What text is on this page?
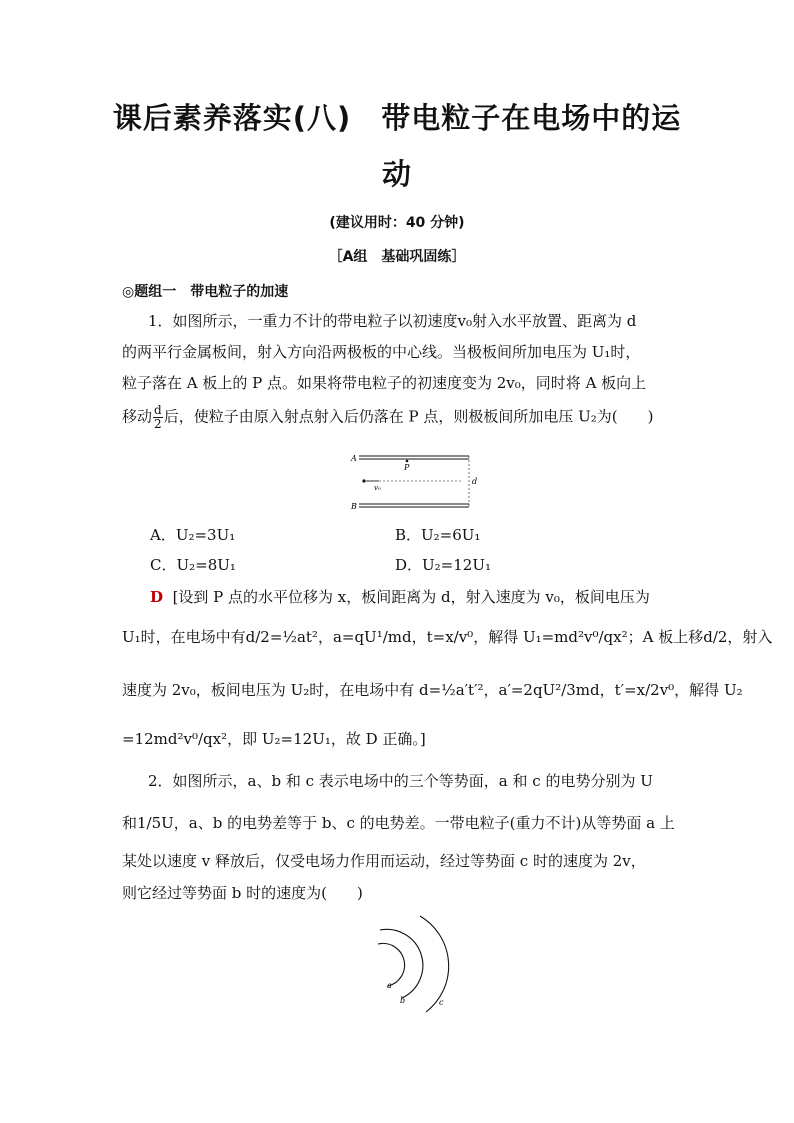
课后素养落实(八)　带电粒子在电场中的运
动
(建议用时：40 分钟)
［A组　基础巩固练］
◎题组一　带电粒子的加速
1．如图所示，一重力不计的带电粒子以初速度v₀射入水平放置、距离为 d
的两平行金属板间，射入方向沿两极板的中心线。当极板间所加电压为 U₁时，
粒子落在 A 板上的 P 点。如果将带电粒子的初速度变为 2v₀，同时将 A 板向上
移动 $\frac{d}{2}$ 后，使粒子由原入射点射入后仍落在 P 点，则极板间所加电压 U₂为(　　)
A
B
P
v₀
d
A．U₂=3U₁	B．U₂=6U₁
C．U₂=8U₁	D．U₂=12U₁
D [设到 P 点的水平位移为 x，板间距离为 d，射入速度为 v₀，板间电压为
U₁时，在电场中有d/2=½at²，a=qU¹/md，t=x/v⁰，解得 U₁=md²v⁰/qx²；A 板上移d/2，射入
速度为 2v₀，板间电压为 U₂时，在电场中有 d=½a′t′²，a′=2qU²/3md，t′=x/2v⁰，解得 U₂
=12md²v⁰/qx²，即 U₂=12U₁，故 D 正确。]
2．如图所示，a、b 和 c 表示电场中的三个等势面，a 和 c 的电势分别为 U
和1/5U，a、b 的电势差等于 b、c 的电势差。一带电粒子(重力不计)从等势面 a 上
某处以速度 v 释放后，仅受电场力作用而运动，经过等势面 c 时的速度为 2v，
则它经过等势面 b 时的速度为(　　)
a
b	c
